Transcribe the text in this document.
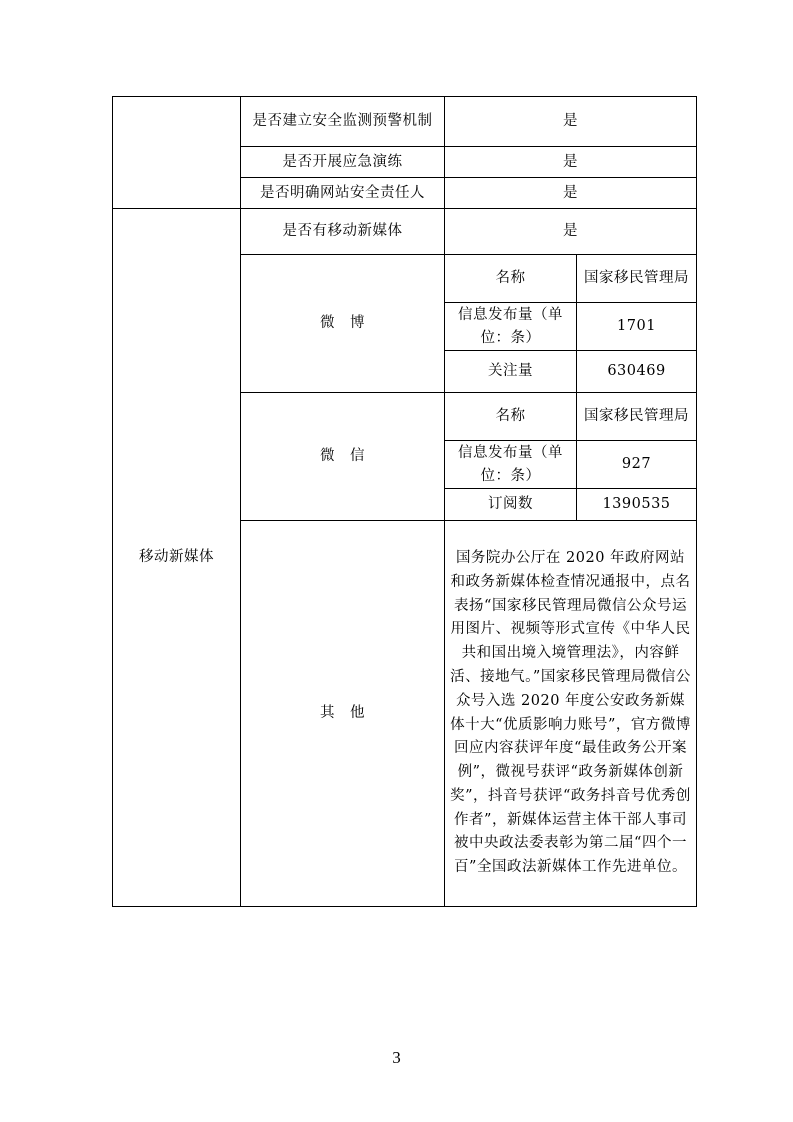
	是否建立安全监测预警机制	是	
	是否开展应急演练	是	
	是否明确网站安全责任人	是	
移动新媒体	是否有移动新媒体	是	
	微　博	名称	国家移民管理局
		信息发布量（单位：条）	1701
		关注量	630469
	微　信	名称	国家移民管理局
		信息发布量（单位：条）	927
		订阅数	1390535
	其　他	国务院办公厅在 2020 年政府网站和政务新媒体检查情况通报中，点名表扬“国家移民管理局微信公众号运用图片、视频等形式宣传《中华人民共和国出境入境管理法》，内容鲜活、接地气。”国家移民管理局微信公众号入选 2020 年度公安政务新媒体十大“优质影响力账号”，官方微博回应内容获评年度“最佳政务公开案例”，微视号获评“政务新媒体创新奖”，抖音号获评“政务抖音号优秀创作者”，新媒体运营主体干部人事司被中央政法委表彰为第二届“四个一百”全国政法新媒体工作先进单位。	
3
